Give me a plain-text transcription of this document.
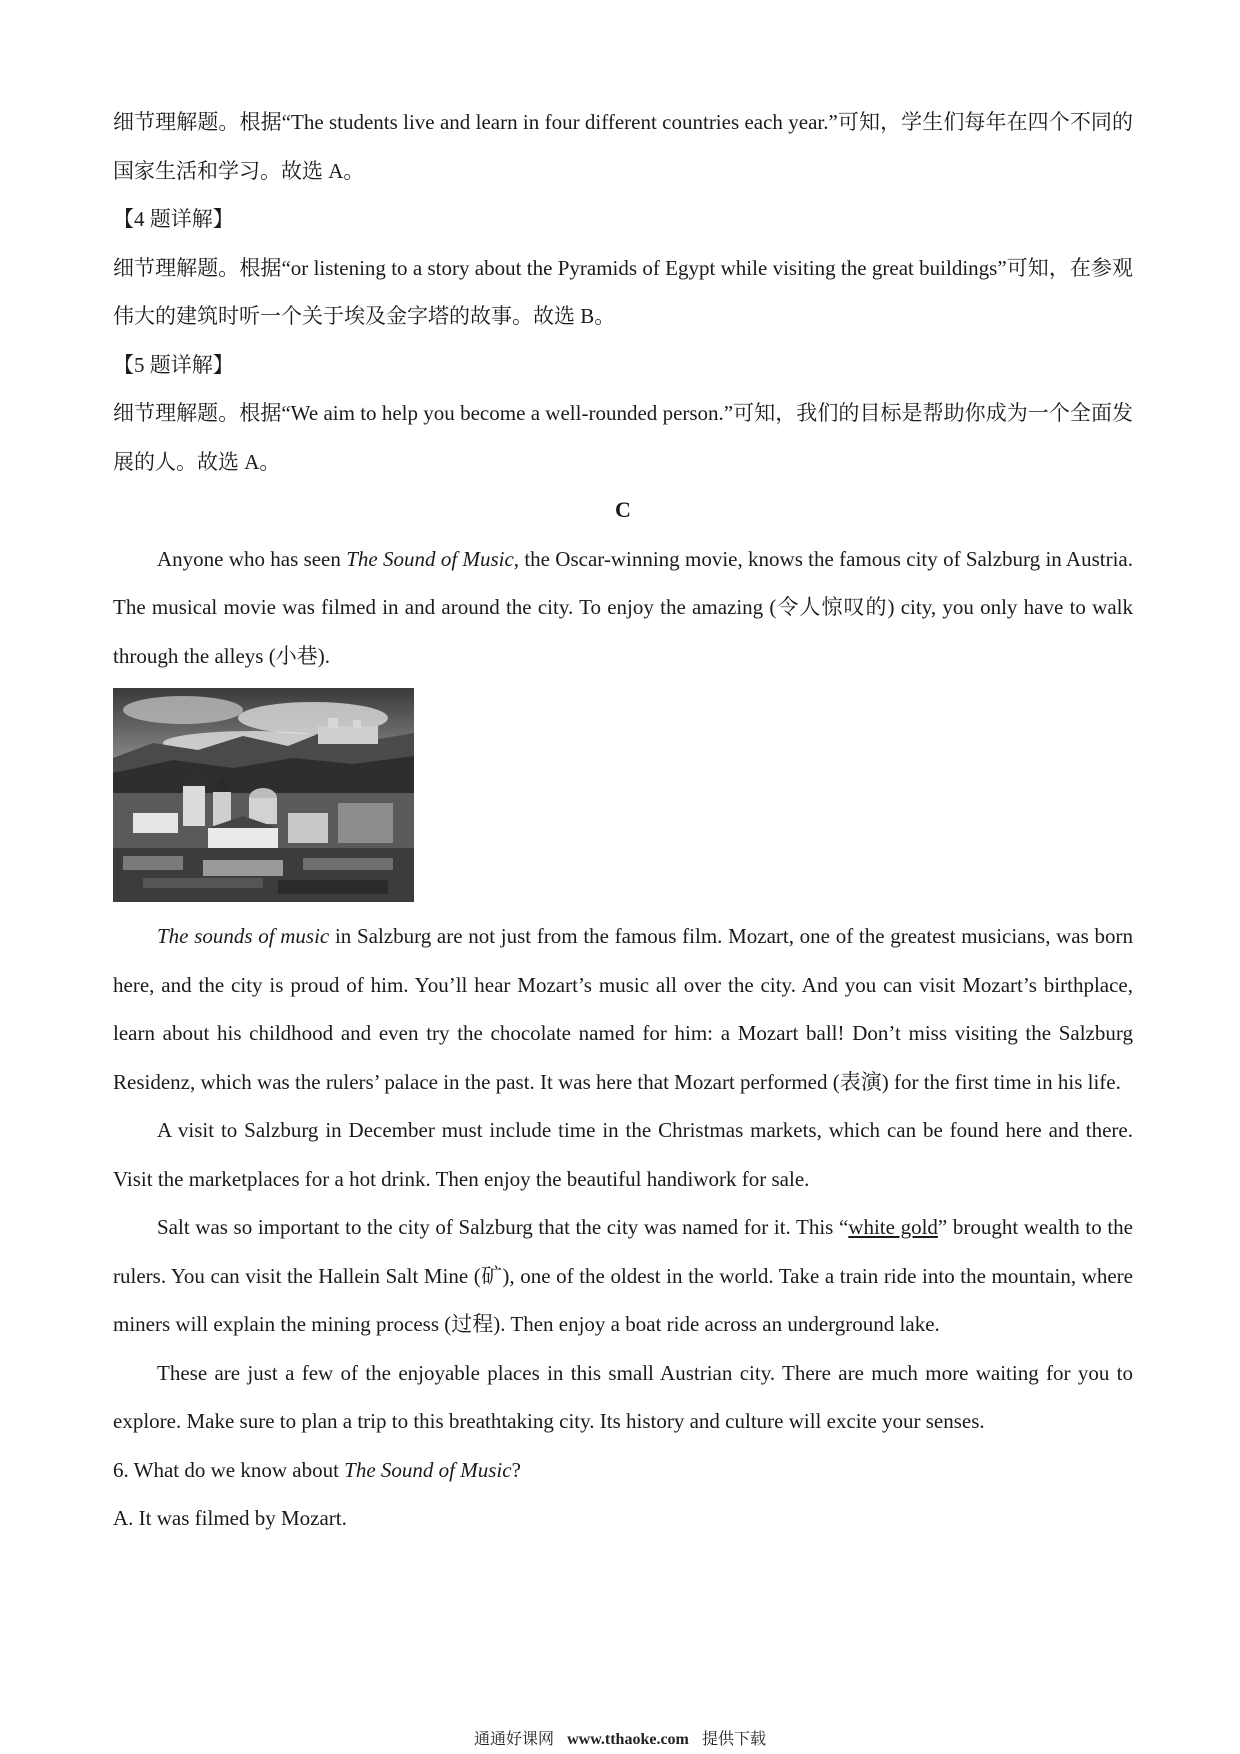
细节理解题。根据“The students live and learn in four different countries each year.”可知，学生们每年在四个不同的国家生活和学习。故选 A。

【4 题详解】

细节理解题。根据“or listening to a story about the Pyramids of Egypt while visiting the great buildings”可知，在参观伟大的建筑时听一个关于埃及金字塔的故事。故选 B。

【5 题详解】

细节理解题。根据“We aim to help you become a well-rounded person.”可知，我们的目标是帮助你成为一个全面发展的人。故选 A。

C

Anyone who has seen The Sound of Music, the Oscar-winning movie, knows the famous city of Salzburg in Austria. The musical movie was filmed in and around the city. To enjoy the amazing (令人惊叹的) city, you only have to walk through the alleys (小巷).

The sounds of music in Salzburg are not just from the famous film. Mozart, one of the greatest musicians, was born here, and the city is proud of him. You’ll hear Mozart’s music all over the city. And you can visit Mozart’s birthplace, learn about his childhood and even try the chocolate named for him: a Mozart ball! Don’t miss visiting the Salzburg Residenz, which was the rulers’ palace in the past. It was here that Mozart performed (表演) for the first time in his life.

A visit to Salzburg in December must include time in the Christmas markets, which can be found here and there. Visit the marketplaces for a hot drink. Then enjoy the beautiful handiwork for sale.

Salt was so important to the city of Salzburg that the city was named for it. This “white gold” brought wealth to the rulers. You can visit the Hallein Salt Mine (矿), one of the oldest in the world. Take a train ride into the mountain, where miners will explain the mining process (过程). Then enjoy a boat ride across an underground lake.

These are just a few of the enjoyable places in this small Austrian city. There are much more waiting for you to explore. Make sure to plan a trip to this breathtaking city. Its history and culture will excite your senses.

6. What do we know about The Sound of Music?

A. It was filmed by Mozart.

通通好课网 www.tthaoke.com 提供下载
